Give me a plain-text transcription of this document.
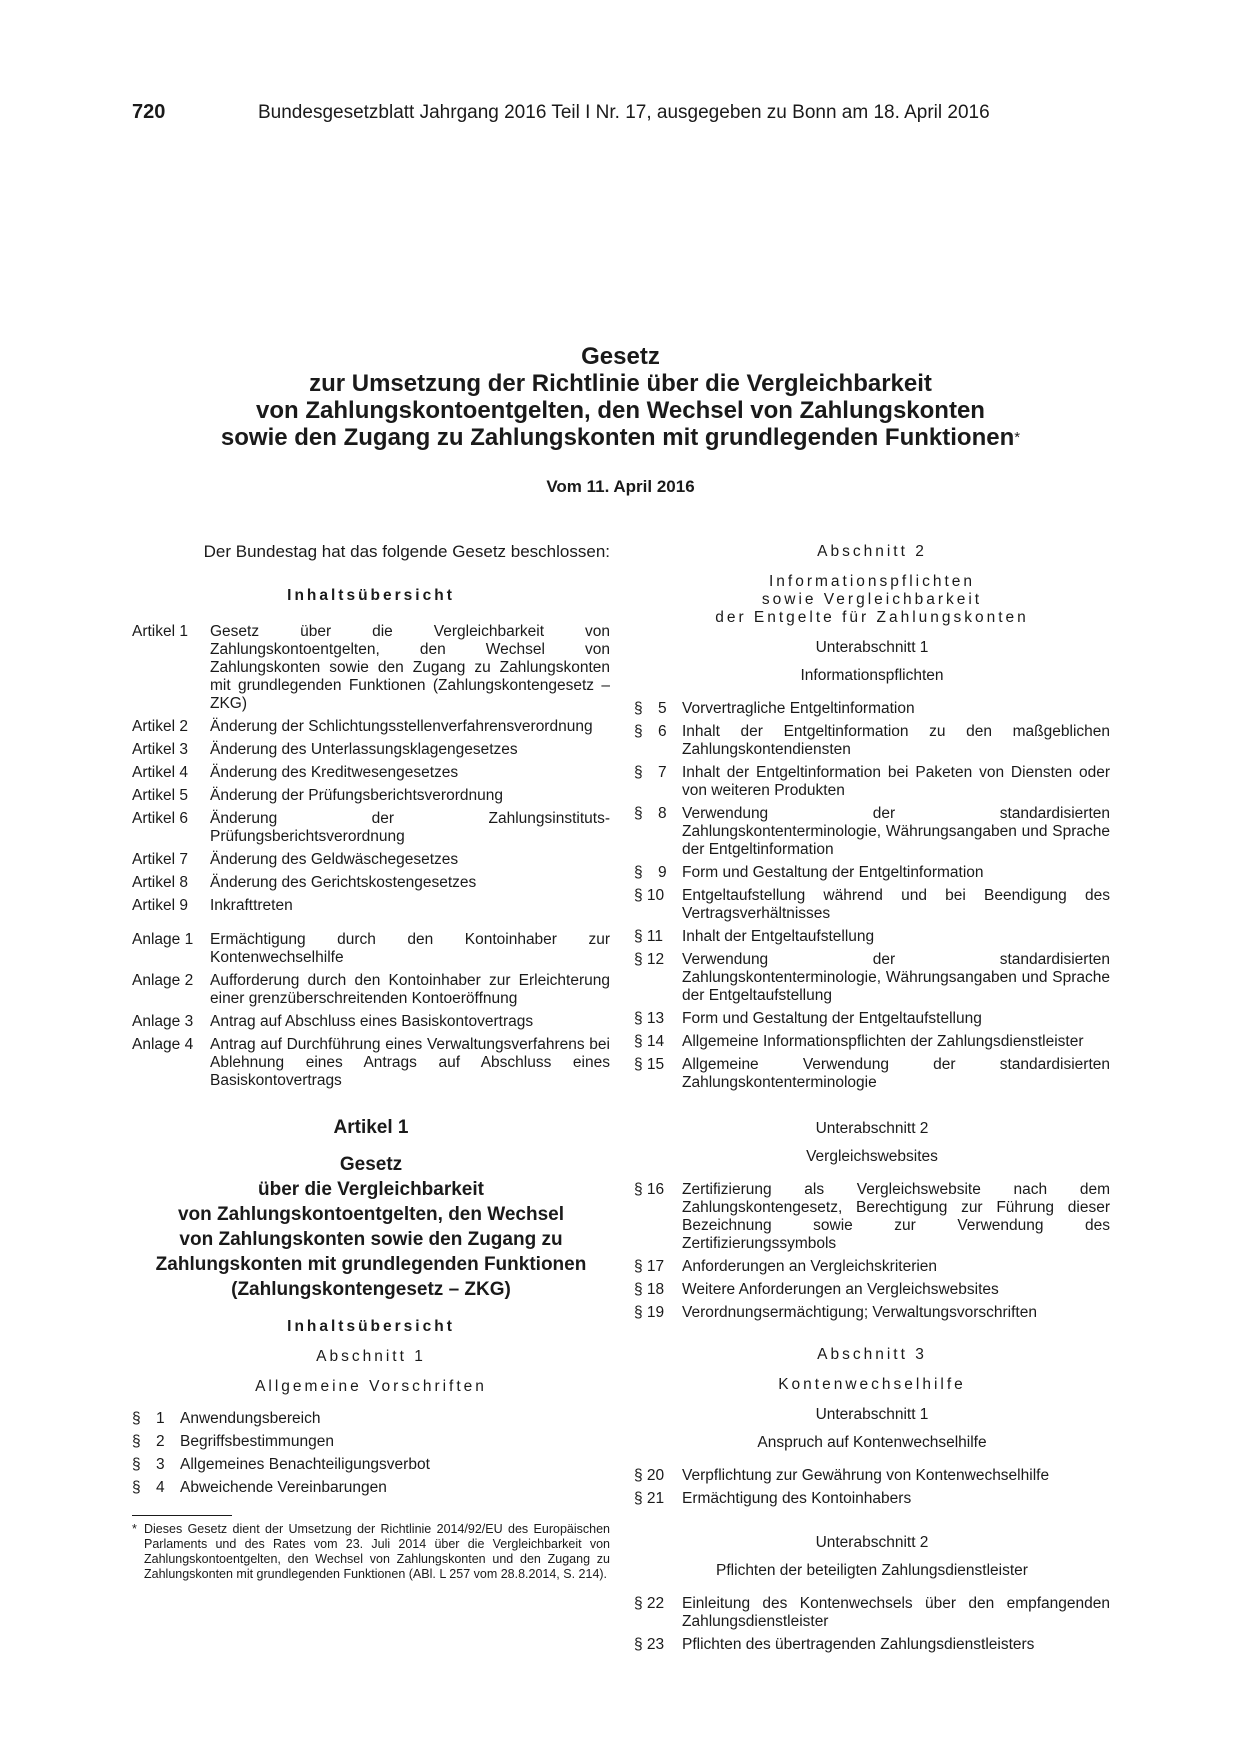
720	Bundesgesetzblatt Jahrgang 2016 Teil I Nr. 17, ausgegeben zu Bonn am 18. April 2016
Gesetz
zur Umsetzung der Richtlinie über die Vergleichbarkeit
von Zahlungskontoentgelten, den Wechsel von Zahlungskonten
sowie den Zugang zu Zahlungskonten mit grundlegenden Funktionen*
Vom 11. April 2016

Der Bundestag hat das folgende Gesetz beschlossen:

Inhaltsübersicht

Artikel 1	Gesetz über die Vergleichbarkeit von Zahlungskontoentgelten, den Wechsel von Zahlungskonten sowie den Zugang zu Zahlungskonten mit grundlegenden Funktionen (Zahlungskontengesetz – ZKG)
Artikel 2	Änderung der Schlichtungsstellenverfahrensverordnung
Artikel 3	Änderung des Unterlassungsklagengesetzes
Artikel 4	Änderung des Kreditwesengesetzes
Artikel 5	Änderung der Prüfungsberichtsverordnung
Artikel 6	Änderung der Zahlungsinstituts-Prüfungsberichtsverordnung
Artikel 7	Änderung des Geldwäschegesetzes
Artikel 8	Änderung des Gerichtskostengesetzes
Artikel 9	Inkrafttreten
Anlage 1	Ermächtigung durch den Kontoinhaber zur Kontenwechselhilfe
Anlage 2	Aufforderung durch den Kontoinhaber zur Erleichterung einer grenzüberschreitenden Kontoeröffnung
Anlage 3	Antrag auf Abschluss eines Basiskontovertrags
Anlage 4	Antrag auf Durchführung eines Verwaltungsverfahrens bei Ablehnung eines Antrags auf Abschluss eines Basiskontovertrags
Artikel 1
Gesetz
über die Vergleichbarkeit
von Zahlungskontoentgelten, den Wechsel
von Zahlungskonten sowie den Zugang zu
Zahlungskonten mit grundlegenden Funktionen
(Zahlungskontengesetz – ZKG)

Inhaltsübersicht

Abschnitt 1

Allgemeine Vorschriften

§ 1 Anwendungsbereich
§ 2 Begriffsbestimmungen
§ 3 Allgemeines Benachteiligungsverbot
§ 4 Abweichende Vereinbarungen
* Dieses Gesetz dient der Umsetzung der Richtlinie 2014/92/EU des Europäischen Parlaments und des Rates vom 23. Juli 2014 über die Vergleichbarkeit von Zahlungskontoentgelten, den Wechsel von Zahlungskonten und den Zugang zu Zahlungskonten mit grundlegenden Funktionen (ABl. L 257 vom 28.8.2014, S. 214).

Abschnitt 2

Informationspflichten

sowie Vergleichbarkeit

der Entgelte für Zahlungskonten

Unterabschnitt 1

Informationspflichten

§ 5 Vorvertragliche Entgeltinformation
§ 6 Inhalt der Entgeltinformation zu den maßgeblichen Zahlungskontendiensten
§ 7 Inhalt der Entgeltinformation bei Paketen von Diensten oder von weiteren Produkten
§ 8 Verwendung der standardisierten Zahlungskontenterminologie, Währungsangaben und Sprache der Entgeltinformation
§ 9 Form und Gestaltung der Entgeltinformation
§ 10	Entgeltaufstellung während und bei Beendigung des Vertragsverhältnisses
§ 11	Inhalt der Entgeltaufstellung
§ 12	Verwendung der standardisierten Zahlungskontenterminologie, Währungsangaben und Sprache der Entgeltaufstellung
§ 13	Form und Gestaltung der Entgeltaufstellung
§ 14	Allgemeine Informationspflichten der Zahlungsdienstleister
§ 15	Allgemeine Verwendung der standardisierten Zahlungskontenterminologie

Unterabschnitt 2

Vergleichswebsites

§ 16	Zertifizierung als Vergleichswebsite nach dem Zahlungskontengesetz, Berechtigung zur Führung dieser Bezeichnung sowie zur Verwendung des Zertifizierungssymbols
§ 17	Anforderungen an Vergleichskriterien
§ 18	Weitere Anforderungen an Vergleichswebsites
§ 19	Verordnungsermächtigung; Verwaltungsvorschriften

Abschnitt 3

Kontenwechselhilfe

Unterabschnitt 1

Anspruch auf Kontenwechselhilfe

§ 20	Verpflichtung zur Gewährung von Kontenwechselhilfe
§ 21	Ermächtigung des Kontoinhabers

Unterabschnitt 2

Pflichten der beteiligten Zahlungsdienstleister

§ 22	Einleitung des Kontenwechsels über den empfangenden Zahlungsdienstleister
§ 23	Pflichten des übertragenden Zahlungsdienstleisters
